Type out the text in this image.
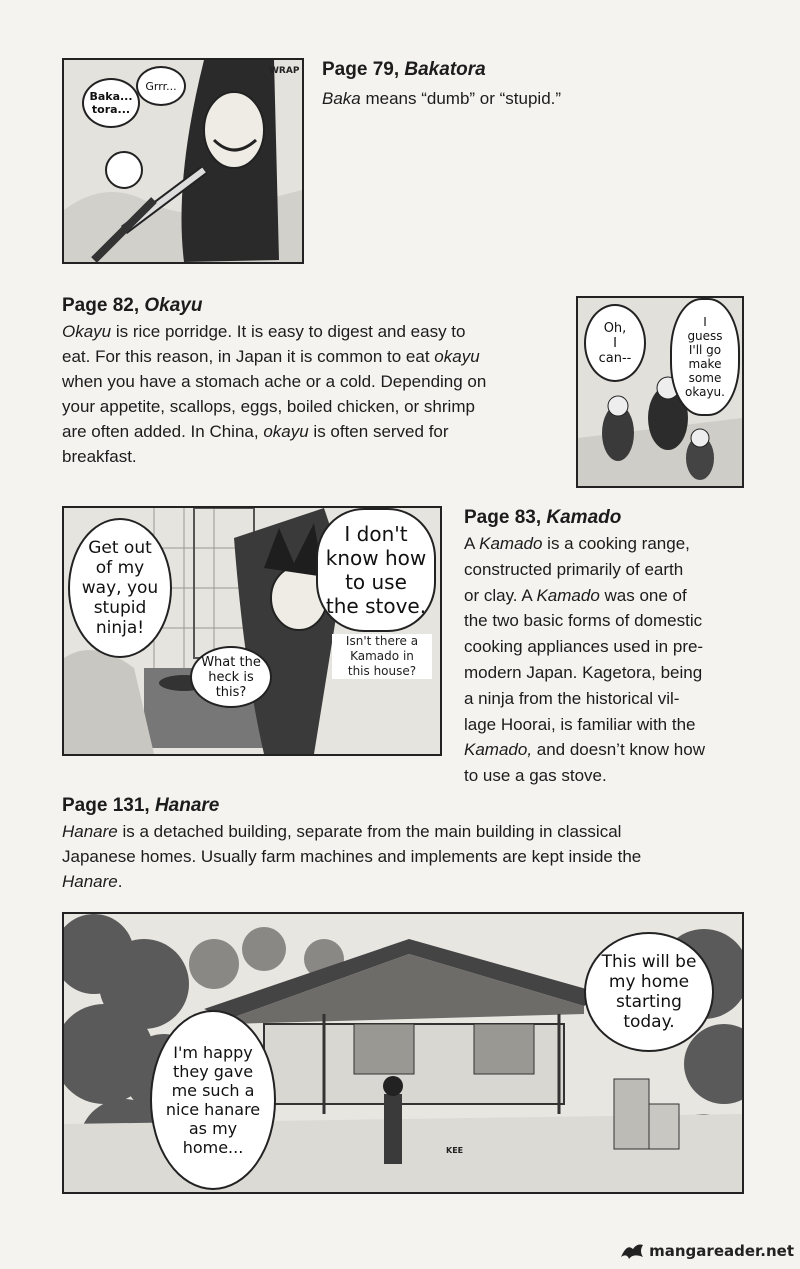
Page 79, Bakatora

Baka means “dumb” or “stupid.”

Baka...
tora...
Grrr...
WRAP

Page 82, Okayu

Okayu is rice porridge. It is easy to digest and easy to
eat. For this reason, in Japan it is common to eat okayu
when you have a stomach ache or a cold. Depending on
your appetite, scallops, eggs, boiled chicken, or shrimp
are often added. In China, okayu is often served for
breakfast.

Oh,
I
can--
I
guess
I'll go
make
some
okayu.
Get out
of my
way, you
stupid
ninja!
I don't
know how
to use
the stove.
Isn't there a
Kamado in
this house?
What the
heck is
this?

Page 83, Kamado

A Kamado is a cooking range,
constructed primarily of earth
or clay. A Kamado was one of
the two basic forms of domestic
cooking appliances used in pre-
modern Japan. Kagetora, being
a ninja from the historical vil-
lage Hoorai, is familiar with the
Kamado, and doesn’t know how
to use a gas stove.

Page 131, Hanare

Hanare is a detached building, separate from the main building in classical
Japanese homes. Usually farm machines and implements are kept inside the
Hanare.

This will be
my home
starting
today.
I'm happy
they gave
me such a
nice hanare
as my
home...	KEE
mangareader.net
